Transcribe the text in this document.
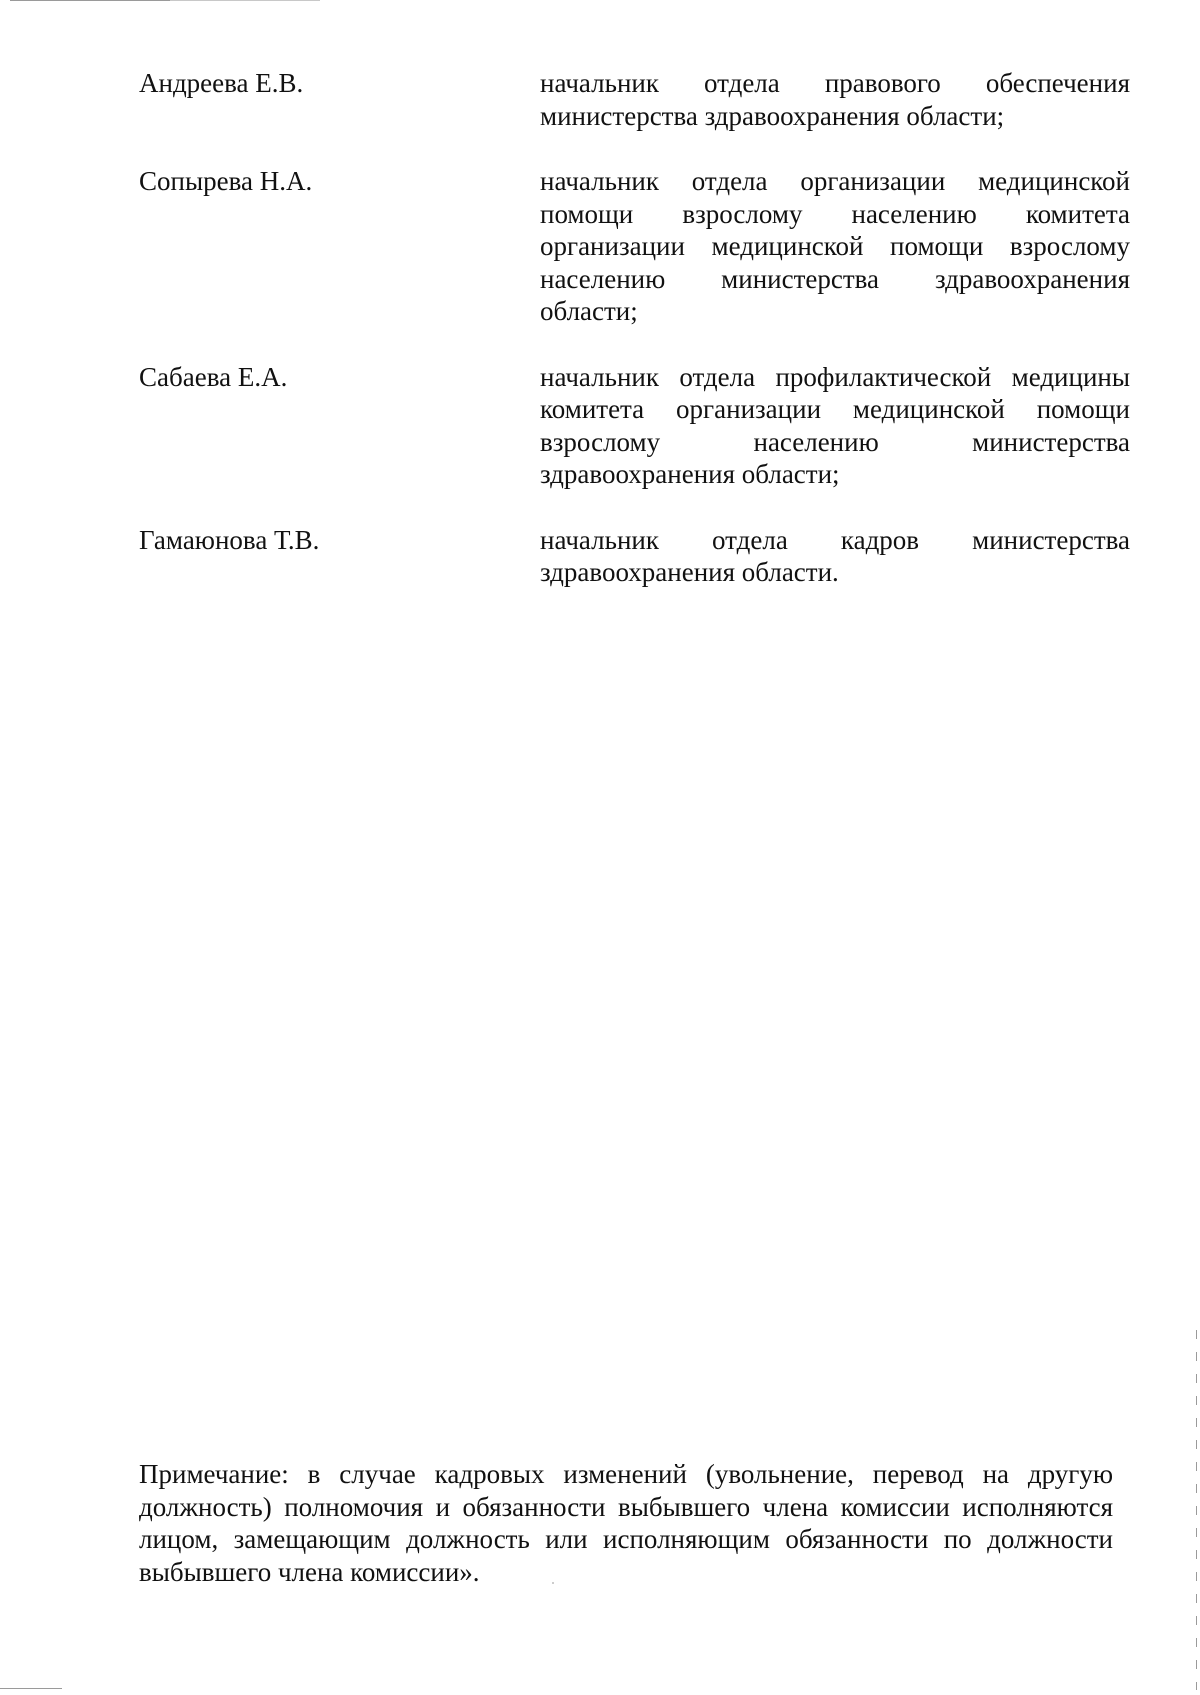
Андреева Е.В.	начальник отдела правового обеспечения министерства здравоохранения области;
Сопырева Н.А.	начальник отдела организации медицинской помощи взрослому населению комитета организации медицинской помощи взрослому населению министерства здравоохранения области;
Сабаева Е.А.	начальник отдела профилактической медицины комитета организации медицинской помощи взрослому населению министерства здравоохранения области;
Гамаюнова Т.В.	начальник отдела кадров министерства здравоохранения области.

Примечание: в случае кадровых изменений (увольнение, перевод на другую должность) полномочия и обязанности выбывшего члена комиссии исполняются лицом, замещающим должность или исполняющим обязанности по должности выбывшего члена комиссии».
